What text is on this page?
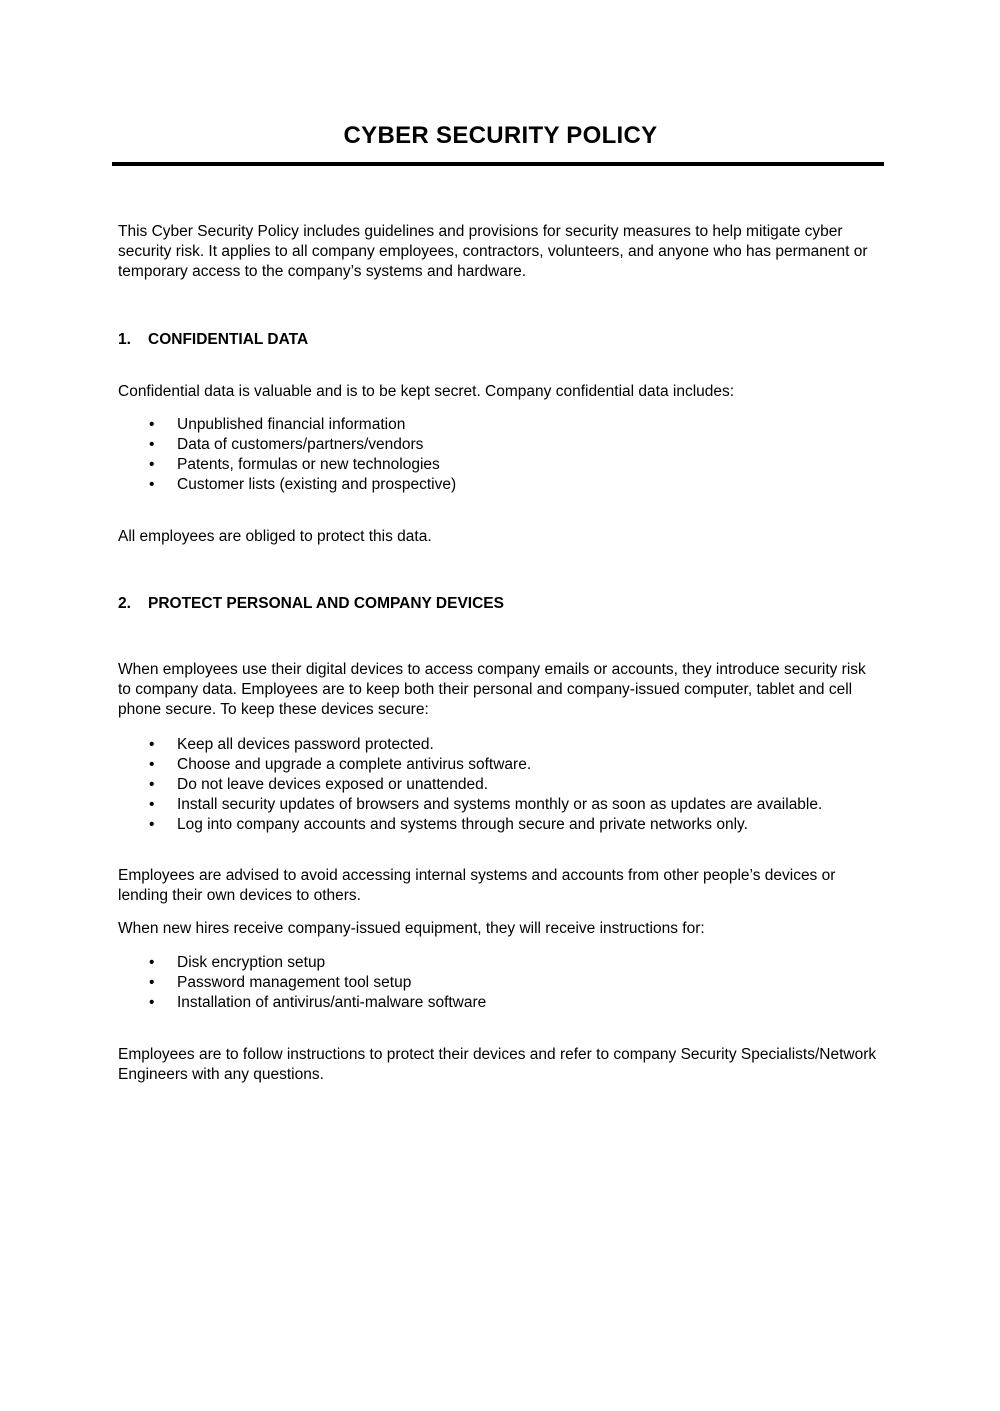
CYBER SECURITY POLICY

This Cyber Security Policy includes guidelines and provisions for security measures to help mitigate cyber security risk. It applies to all company employees, contractors, volunteers, and anyone who has permanent or temporary access to the company’s systems and hardware.

1.	CONFIDENTIAL DATA

Confidential data is valuable and is to be kept secret. Company confidential data includes:

•	Unpublished financial information
•	Data of customers/partners/vendors
•	Patents, formulas or new technologies
•	Customer lists (existing and prospective)

All employees are obliged to protect this data.

2.	PROTECT PERSONAL AND COMPANY DEVICES

When employees use their digital devices to access company emails or accounts, they introduce security risk to company data. Employees are to keep both their personal and company-issued computer, tablet and cell phone secure. To keep these devices secure:

•	Keep all devices password protected.
•	Choose and upgrade a complete antivirus software.
•	Do not leave devices exposed or unattended.
•	Install security updates of browsers and systems monthly or as soon as updates are available.
•	Log into company accounts and systems through secure and private networks only.

Employees are advised to avoid accessing internal systems and accounts from other people’s devices or lending their own devices to others.

When new hires receive company-issued equipment, they will receive instructions for:

•	Disk encryption setup
•	Password management tool setup
•	Installation of antivirus/anti-malware software

Employees are to follow instructions to protect their devices and refer to company Security Specialists/Network Engineers with any questions.
